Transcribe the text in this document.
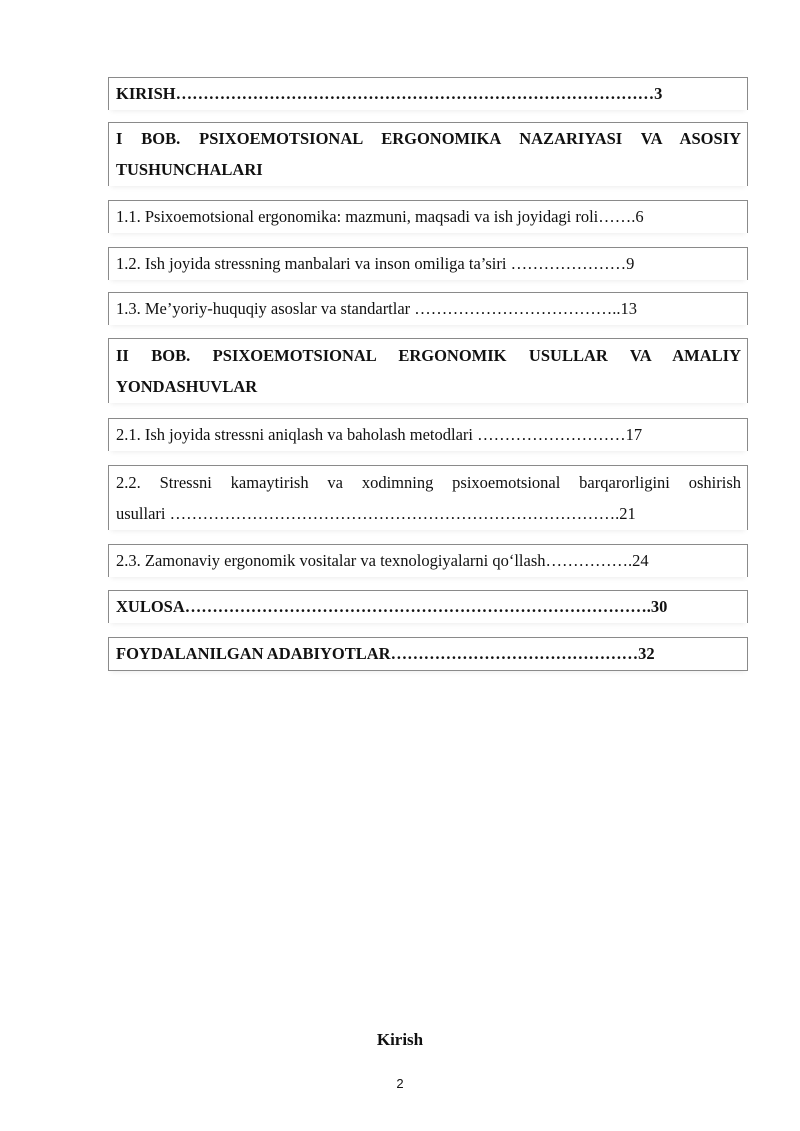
KIRISH……………………………………………………………………………3
I BOB. PSIXOEMOTSIONAL ERGONOMIKA NAZARIYASI VA ASOSIY
TUSHUNCHALARI
1.1. Psixoemotsional ergonomika: mazmuni, maqsadi va ish joyidagi roli…….6
1.2. Ish joyida stressning manbalari va inson omiliga ta’siri …………………9
1.3. Me’yoriy-huquqiy asoslar va standartlar ………………………………..13
II BOB. PSIXOEMOTSIONAL ERGONOMIK USULLAR VA AMALIY
YONDASHUVLAR
2.1. Ish joyida stressni aniqlash va baholash metodlari ………………………17
2.2. Stressni kamaytirish va xodimning psixoemotsional barqarorligini oshirish
usullari ……………………………………………………………………….21
2.3. Zamonaviy ergonomik vositalar va texnologiyalarni qo‘llash…………….24
XULOSA………………………………………………………………………….30
FOYDALANILGAN ADABIYOTLAR………………………………………32
Kirish
2
